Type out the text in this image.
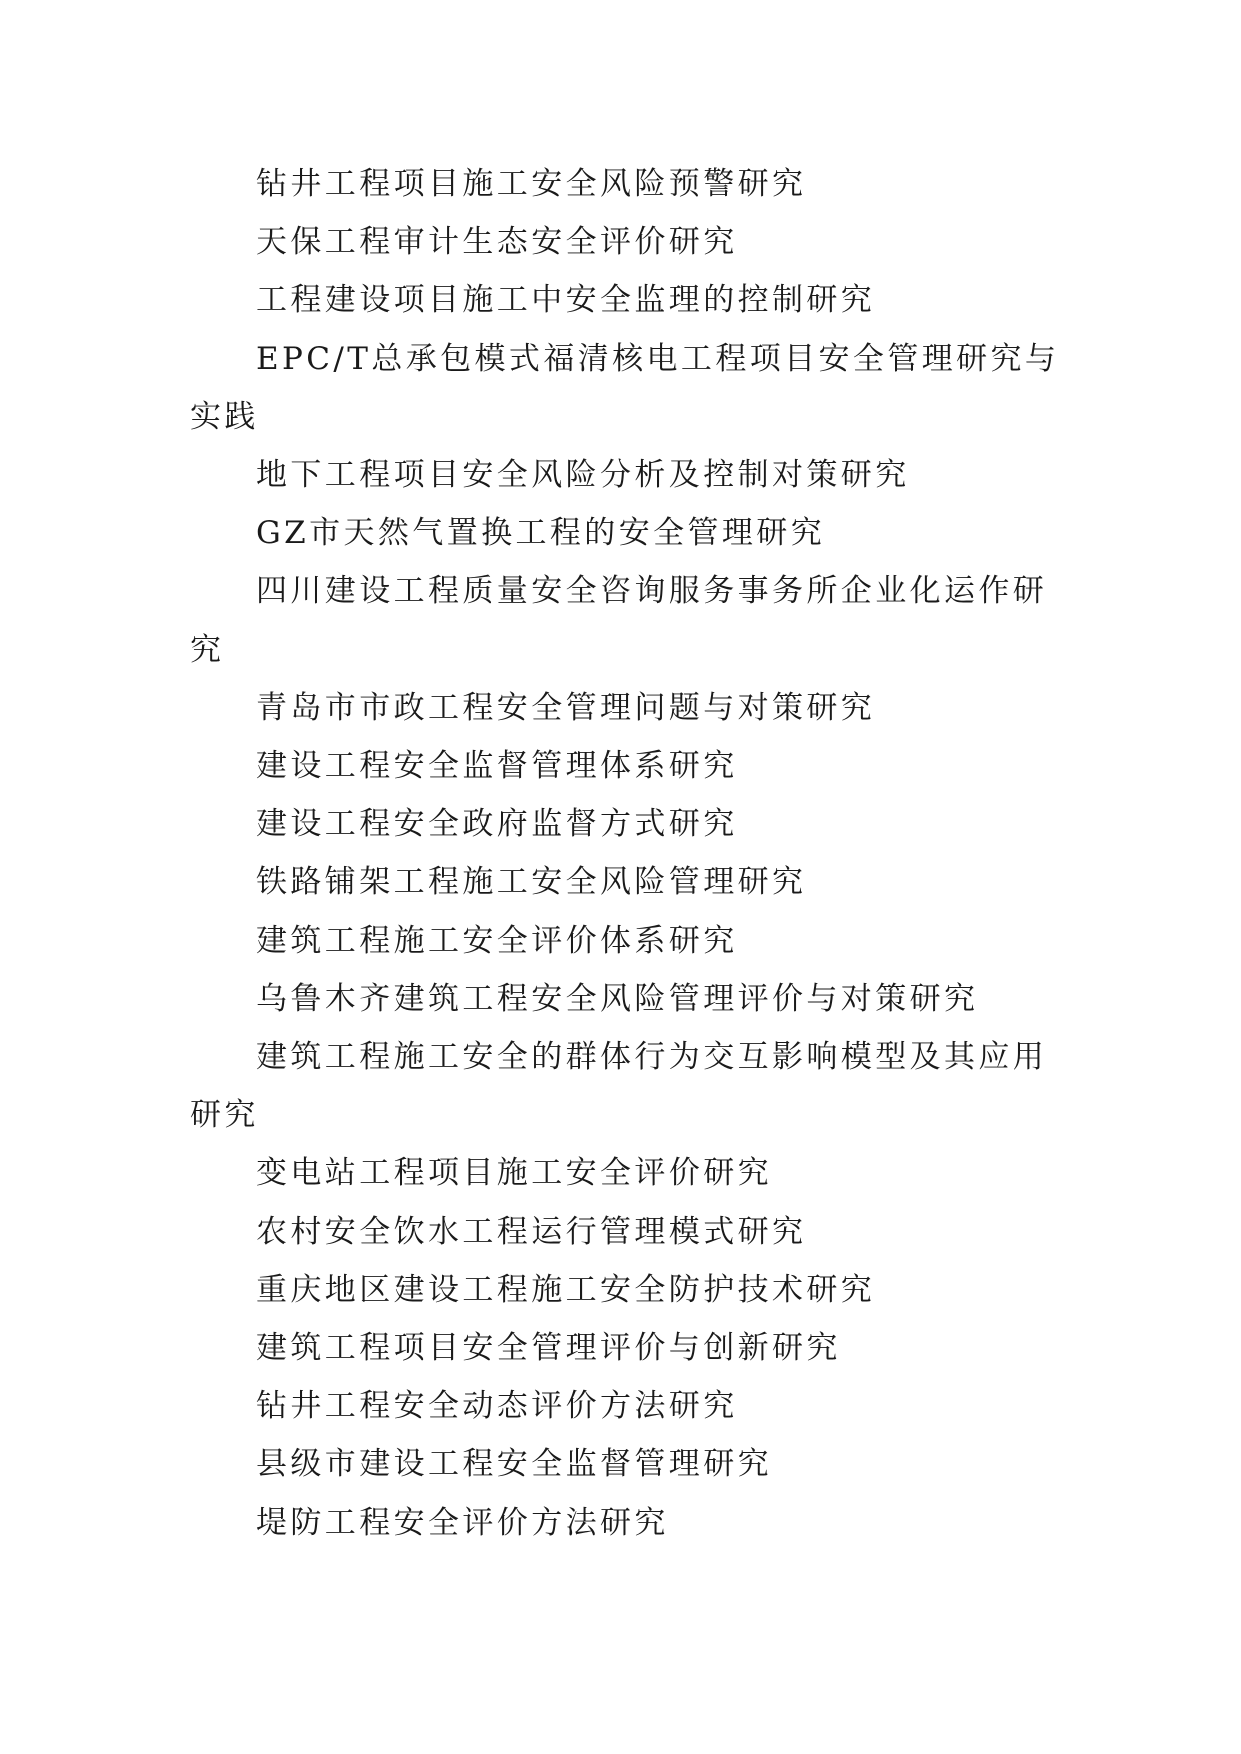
钻井工程项目施工安全风险预警研究

天保工程审计生态安全评价研究

工程建设项目施工中安全监理的控制研究

EPC/T总承包模式福清核电工程项目安全管理研究与实践

地下工程项目安全风险分析及控制对策研究

GZ市天然气置换工程的安全管理研究

四川建设工程质量安全咨询服务事务所企业化运作研究

青岛市市政工程安全管理问题与对策研究

建设工程安全监督管理体系研究

建设工程安全政府监督方式研究

铁路铺架工程施工安全风险管理研究

建筑工程施工安全评价体系研究

乌鲁木齐建筑工程安全风险管理评价与对策研究

建筑工程施工安全的群体行为交互影响模型及其应用研究

变电站工程项目施工安全评价研究

农村安全饮水工程运行管理模式研究

重庆地区建设工程施工安全防护技术研究

建筑工程项目安全管理评价与创新研究

钻井工程安全动态评价方法研究

县级市建设工程安全监督管理研究

堤防工程安全评价方法研究
